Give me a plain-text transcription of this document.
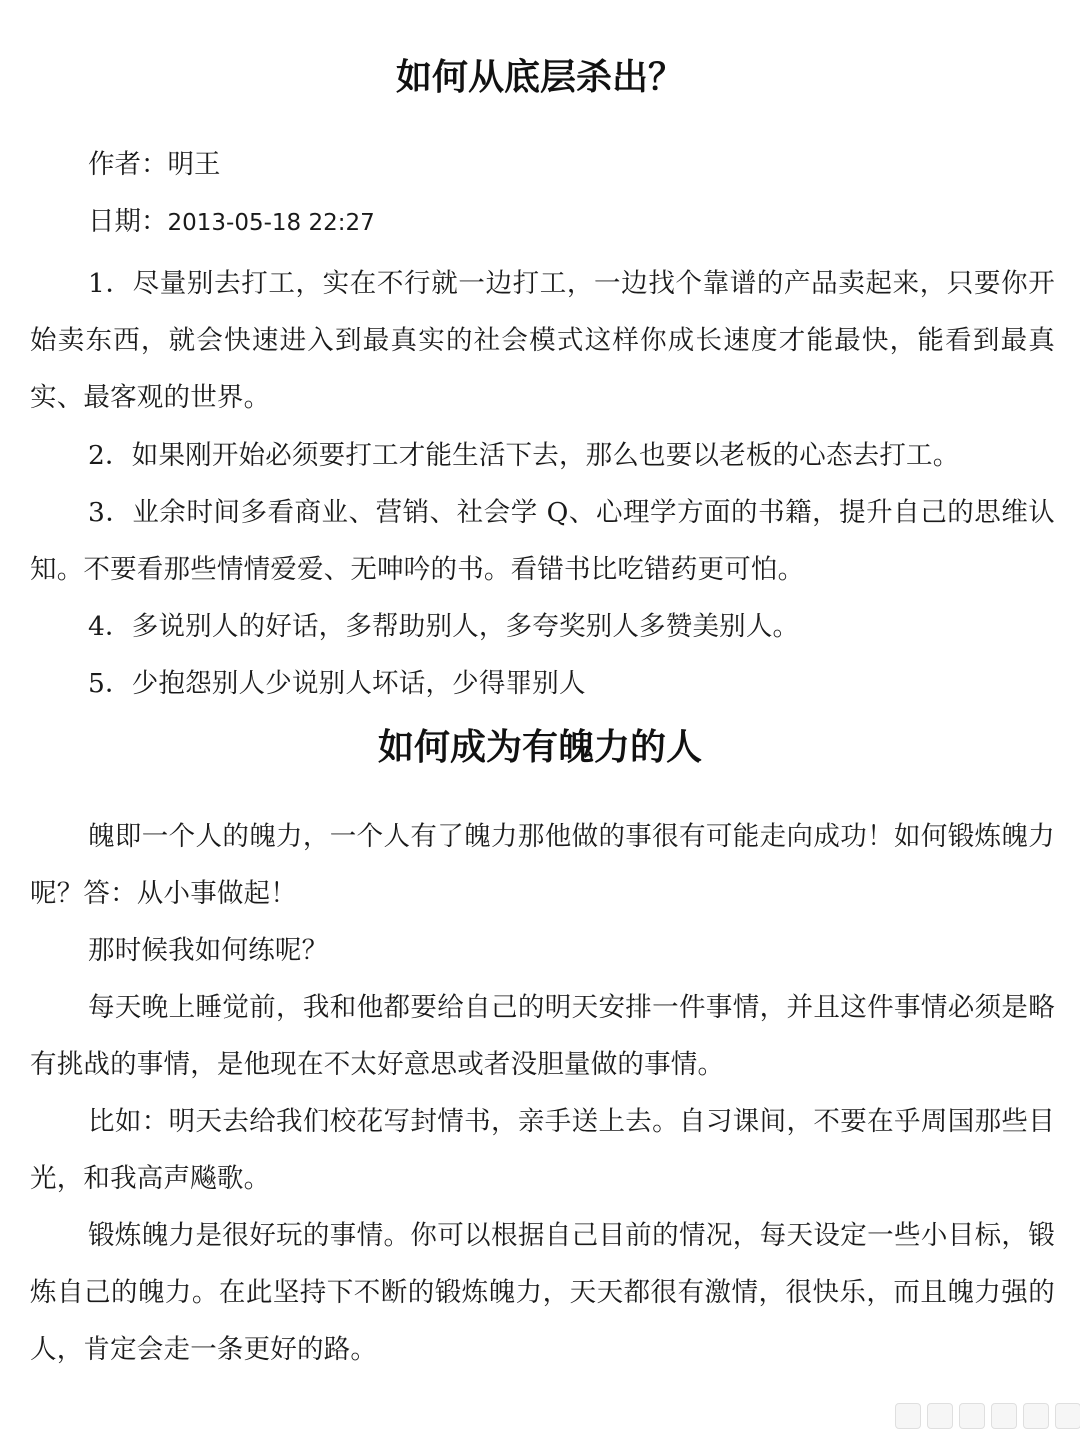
如何从底层杀出？

作者：明王

日期：2013-05-18 22:27

1．尽量别去打工，实在不行就一边打工，一边找个靠谱的产品卖起来，只要你开始卖东西，就会快速进入到最真实的社会模式这样你成长速度才能最快，能看到最真实、最客观的世界。

2．如果刚开始必须要打工才能生活下去，那么也要以老板的心态去打工。

3．业余时间多看商业、营销、社会学 Q、心理学方面的书籍，提升自己的思维认知。不要看那些情情爱爱、无呻吟的书。看错书比吃错药更可怕。

4．多说别人的好话，多帮助别人，多夸奖别人多赞美别人。

5．少抱怨别人少说别人坏话，少得罪别人

如何成为有魄力的人

魄即一个人的魄力，一个人有了魄力那他做的事很有可能走向成功！如何锻炼魄力呢？答：从小事做起！

那时候我如何练呢？

每天晚上睡觉前，我和他都要给自己的明天安排一件事情，并且这件事情必须是略有挑战的事情，是他现在不太好意思或者没胆量做的事情。

比如：明天去给我们校花写封情书，亲手送上去。自习课间，不要在乎周国那些目光，和我高声飚歌。

锻炼魄力是很好玩的事情。你可以根据自己目前的情况，每天设定一些小目标，锻炼自己的魄力。在此坚持下不断的锻炼魄力，天天都很有激情，很快乐，而且魄力强的人，肯定会走一条更好的路。
